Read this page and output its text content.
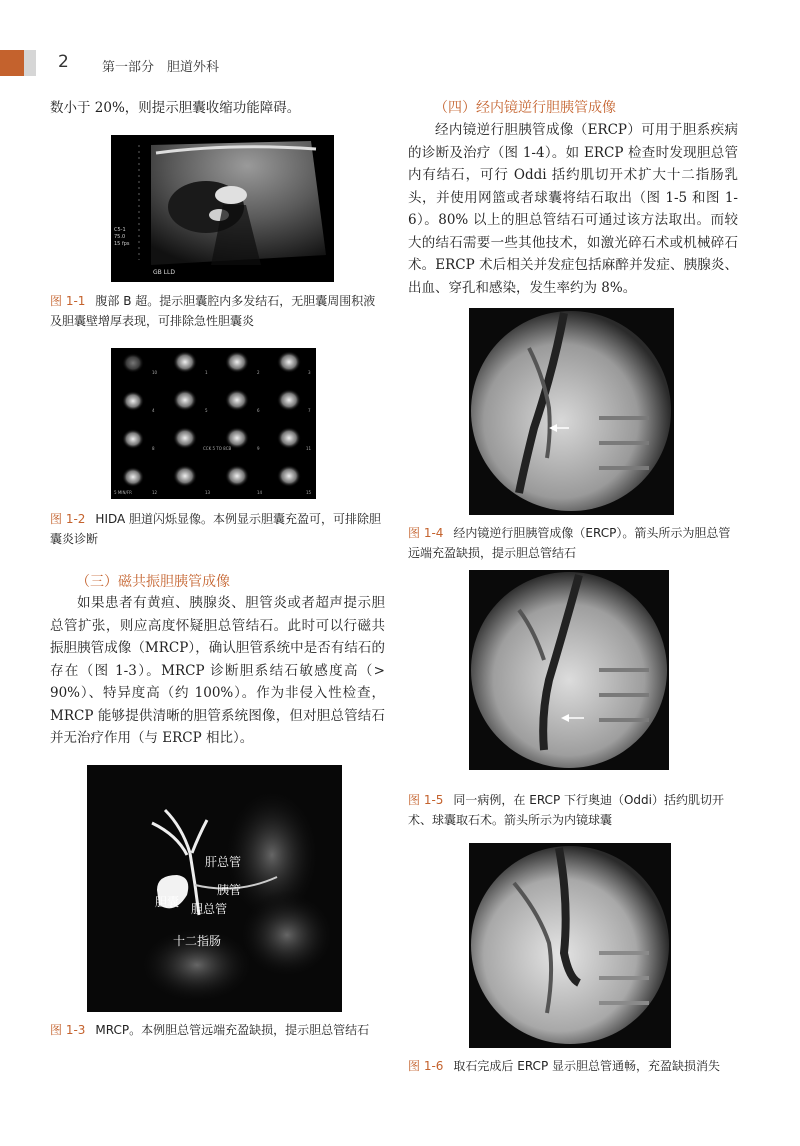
2	第一部分　胆道外科

数小于 20%，则提示胆囊收缩功能障碍。

C5-1
75.0
15 fps
GB LLD

图 1-1 腹部 B 超。提示胆囊腔内多发结石，无胆囊周围积液及胆囊壁增厚表现，可排除急性胆囊炎

10	1	2	3
4	5	6	7
8	CCK 5 TO 8CB	9	11
5 MIN/FR	12	13	14	15

图 1-2 HIDA 胆道闪烁显像。本例显示胆囊充盈可，可排除胆囊炎诊断

（三）磁共振胆胰管成像

如果患者有黄疸、胰腺炎、胆管炎或者超声提示胆总管扩张，则应高度怀疑胆总管结石。此时可以行磁共振胆胰管成像（MRCP），确认胆管系统中是否有结石的存在（图 1-3）。MRCP 诊断胆系结石敏感度高（> 90%）、特异度高（约 100%）。作为非侵入性检查，MRCP 能够提供清晰的胆管系统图像，但对胆总管结石并无治疗作用（与 ERCP 相比）。

肝总管
胰管
胆囊 胆总管
十二指肠

图 1-3 MRCP。本例胆总管远端充盈缺损，提示胆总管结石

（四）经内镜逆行胆胰管成像

经内镜逆行胆胰管成像（ERCP）可用于胆系疾病的诊断及治疗（图 1-4）。如 ERCP 检查时发现胆总管内有结石，可行 Oddi 括约肌切开术扩大十二指肠乳头，并使用网篮或者球囊将结石取出（图 1-5 和图 1-6）。80% 以上的胆总管结石可通过该方法取出。而较大的结石需要一些其他技术，如激光碎石术或机械碎石术。ERCP 术后相关并发症包括麻醉并发症、胰腺炎、出血、穿孔和感染，发生率约为 8%。

图 1-4 经内镜逆行胆胰管成像（ERCP）。箭头所示为胆总管远端充盈缺损，提示胆总管结石

图 1-5 同一病例，在 ERCP 下行奥迪（Oddi）括约肌切开术、球囊取石术。箭头所示为内镜球囊

图 1-6 取石完成后 ERCP 显示胆总管通畅，充盈缺损消失
